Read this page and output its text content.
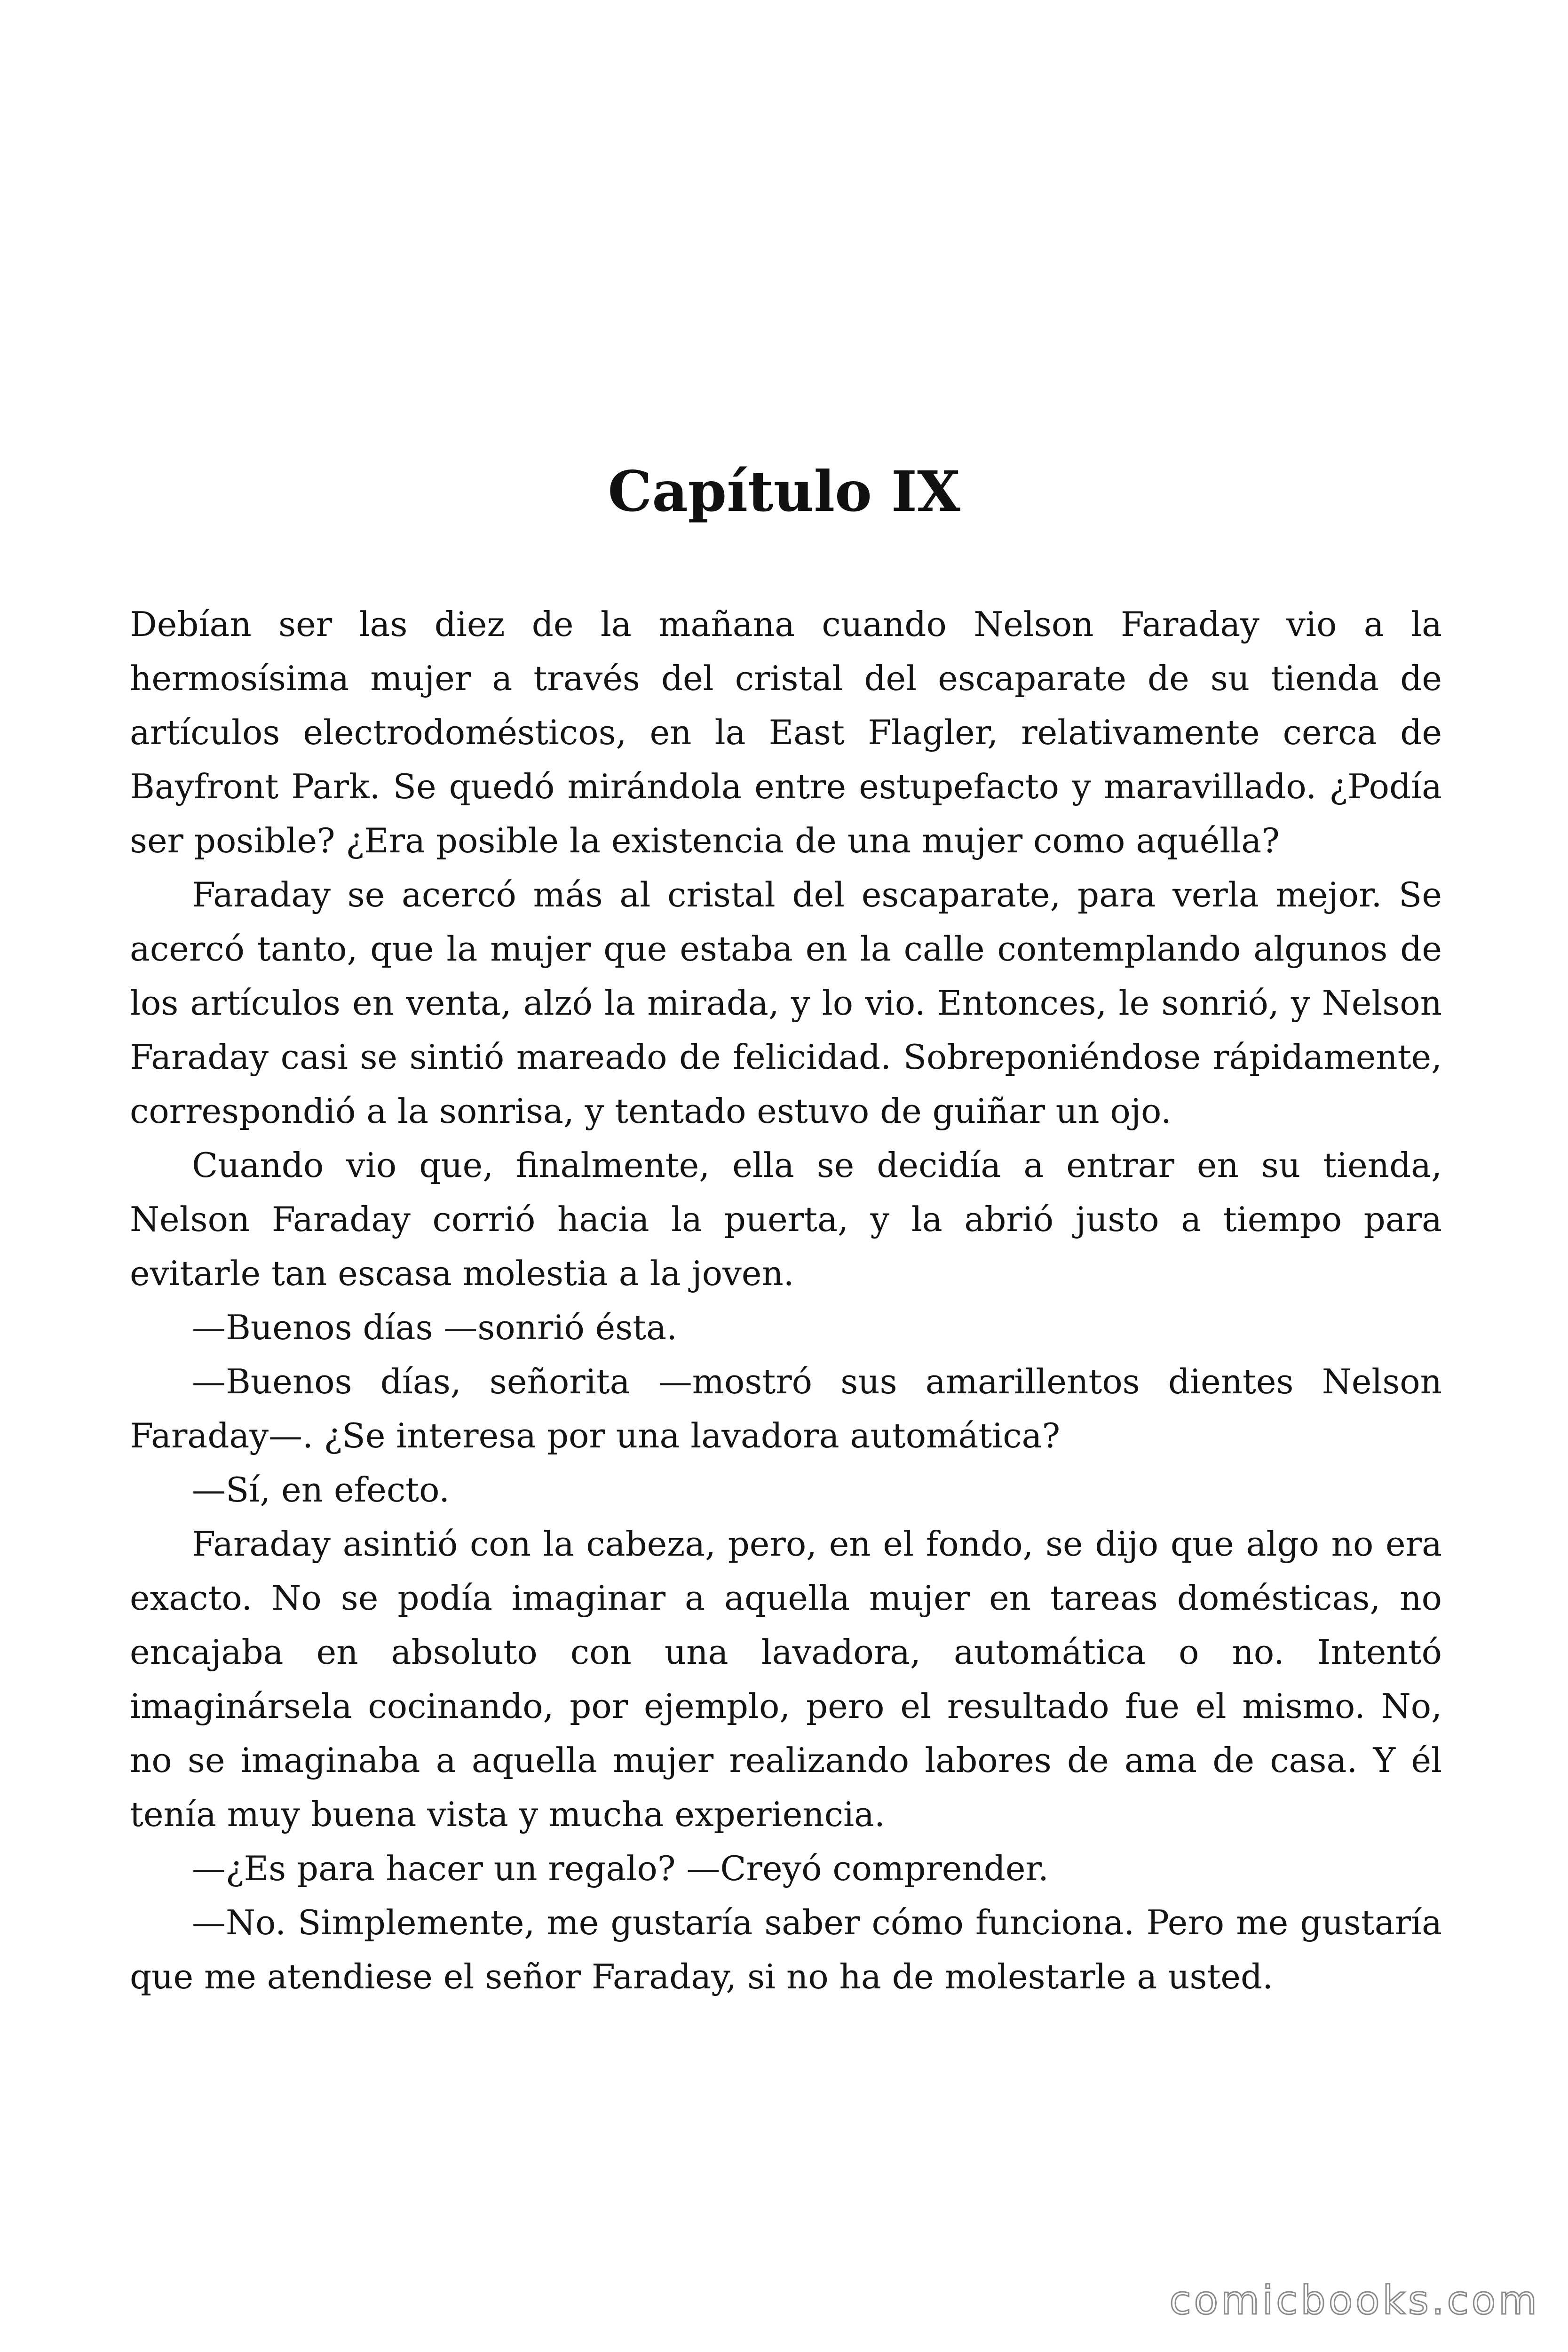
Capítulo IX

Debían ser las diez de la mañana cuando Nelson Faraday vio a la hermosísima mujer a través del cristal del escaparate de su tienda de artículos electrodomésticos, en la East Flagler, relativamente cerca de Bayfront Park. Se quedó mirándola entre estupefacto y maravillado. ¿Podía ser posible? ¿Era posible la existencia de una mujer como aquélla?

Faraday se acercó más al cristal del escaparate, para verla mejor. Se acercó tanto, que la mujer que estaba en la calle contemplando algunos de los artículos en venta, alzó la mirada, y lo vio. Entonces, le sonrió, y Nelson Faraday casi se sintió mareado de felicidad. Sobreponiéndose rápidamente, correspondió a la sonrisa, y tentado estuvo de guiñar un ojo.

Cuando vio que, finalmente, ella se decidía a entrar en su tienda, Nelson Faraday corrió hacia la puerta, y la abrió justo a tiempo para evitarle tan escasa molestia a la joven.

—Buenos días —sonrió ésta.

—Buenos días, señorita —mostró sus amarillentos dientes Nelson Faraday—. ¿Se interesa por una lavadora automática?

—Sí, en efecto.

Faraday asintió con la cabeza, pero, en el fondo, se dijo que algo no era exacto. No se podía imaginar a aquella mujer en tareas domésticas, no encajaba en absoluto con una lavadora, automática o no. Intentó imaginársela cocinando, por ejemplo, pero el resultado fue el mismo. No, no se imaginaba a aquella mujer realizando labores de ama de casa. Y él tenía muy buena vista y mucha experiencia.

—¿Es para hacer un regalo? —Creyó comprender.

—No. Simplemente, me gustaría saber cómo funciona. Pero me gustaría que me atendiese el señor Faraday, si no ha de molestarle a usted.

comicbooks.com
